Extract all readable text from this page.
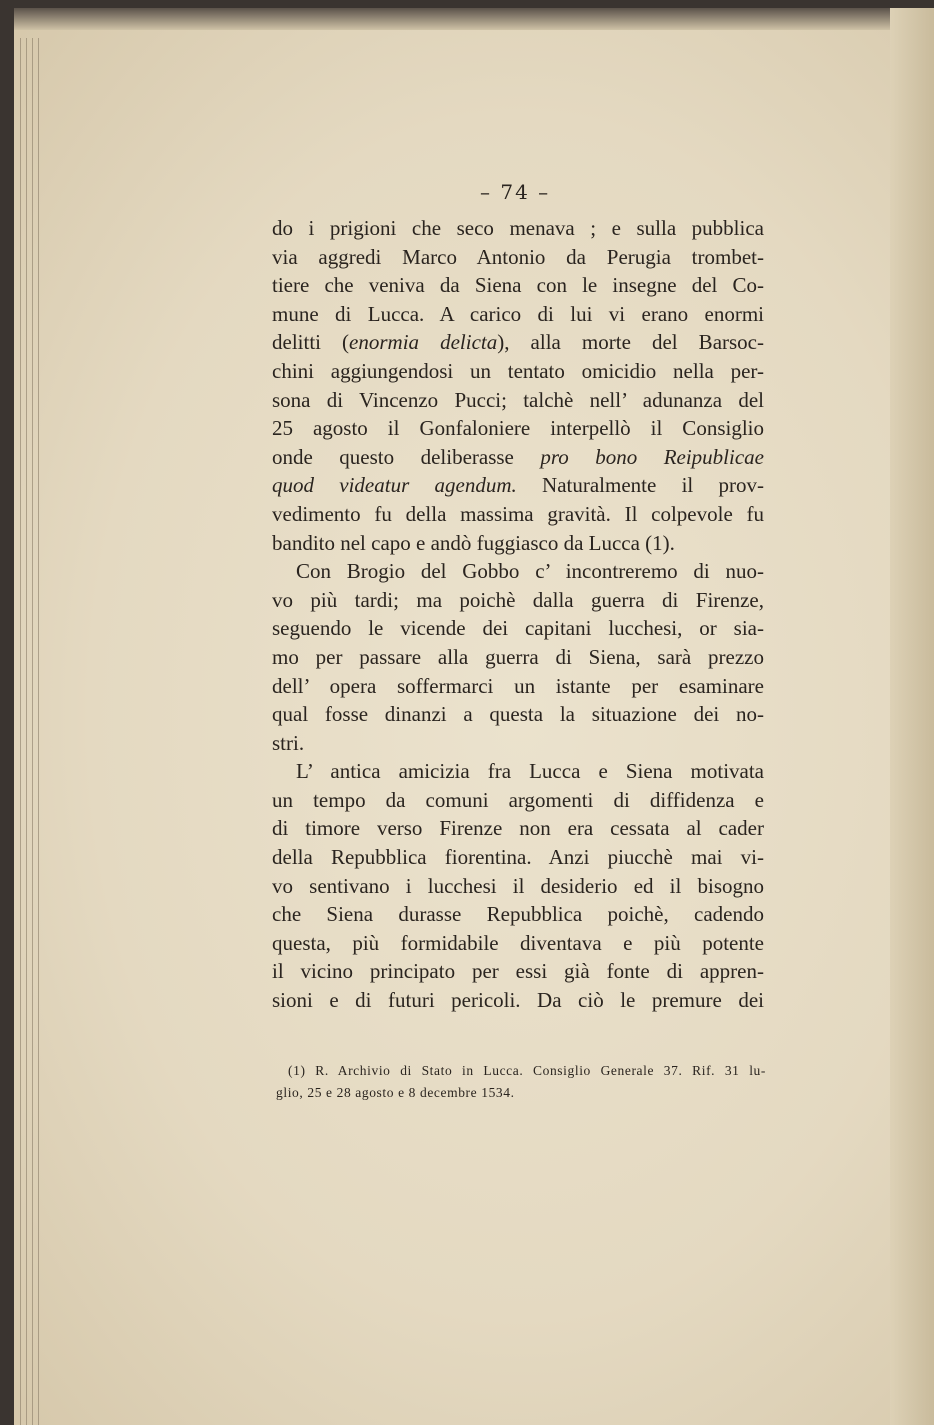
– 74 –
do i prigioni che seco menava ; e sulla pubblica
via aggredi Marco Antonio da Perugia trombet-
tiere che veniva da Siena con le insegne del Co-
mune di Lucca. A carico di lui vi erano enormi
delitti (enormia delicta), alla morte del Barsoc-
chini aggiungendosi un tentato omicidio nella per-
sona di Vincenzo Pucci; talchè nell’ adunanza del
25 agosto il Gonfaloniere interpellò il Consiglio
onde questo deliberasse pro bono Reipublicae
quod videatur agendum. Naturalmente il prov-
vedimento fu della massima gravità. Il colpevole fu
bandito nel capo e andò fuggiasco da Lucca (1).
Con Brogio del Gobbo c’ incontreremo di nuo-
vo più tardi; ma poichè dalla guerra di Firenze,
seguendo le vicende dei capitani lucchesi, or sia-
mo per passare alla guerra di Siena, sarà prezzo
dell’ opera soffermarci un istante per esaminare
qual fosse dinanzi a questa la situazione dei no-
stri.
L’ antica amicizia fra Lucca e Siena motivata
un tempo da comuni argomenti di diffidenza e
di timore verso Firenze non era cessata al cader
della Repubblica fiorentina. Anzi piucchè mai vi-
vo sentivano i lucchesi il desiderio ed il bisogno
che Siena durasse Repubblica poichè, cadendo
questa, più formidabile diventava e più potente
il vicino principato per essi già fonte di appren-
sioni e di futuri pericoli. Da ciò le premure dei
(1) R. Archivio di Stato in Lucca. Consiglio Generale 37. Rif. 31 lu-
glio, 25 e 28 agosto e 8 decembre 1534.
